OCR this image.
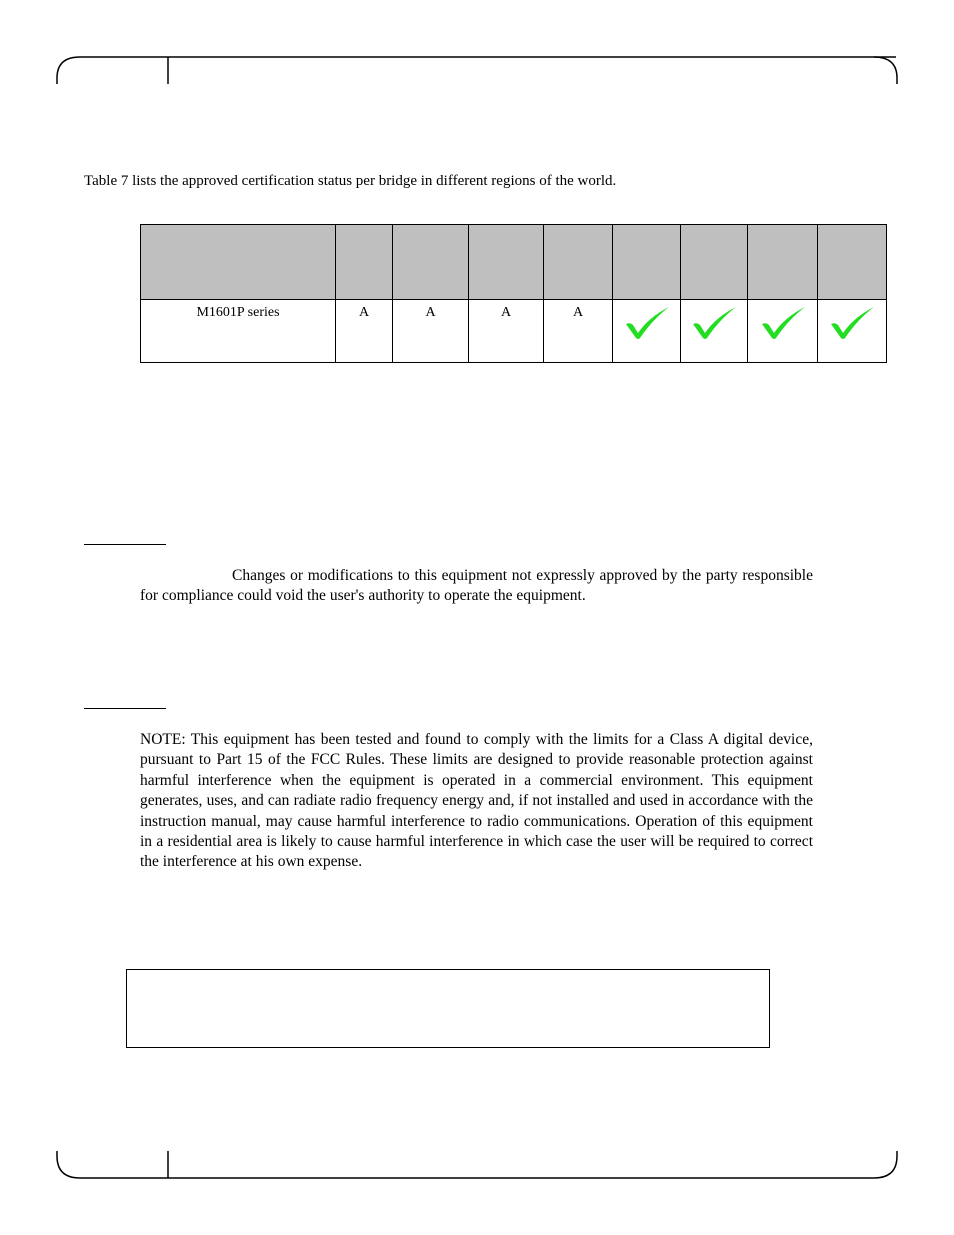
Table 7 lists the approved certification status per bridge in different regions of the world.

M1601P series	A	A	A	A	

Changes or modifications to this equipment not expressly approved by the party responsible for compliance could void the user's authority to operate the equipment.
NOTE: This equipment has been tested and found to comply with the limits for a Class A digital device, pursuant to Part 15 of the FCC Rules. These limits are designed to provide reasonable protection against harmful interference when the equipment is operated in a commercial environment. This equipment generates, uses, and can radiate radio frequency energy and, if not installed and used in accordance with the instruction manual, may cause harmful interference to radio communications. Operation of this equipment in a residential area is likely to cause harmful interference in which case the user will be required to correct the interference at his own expense.
